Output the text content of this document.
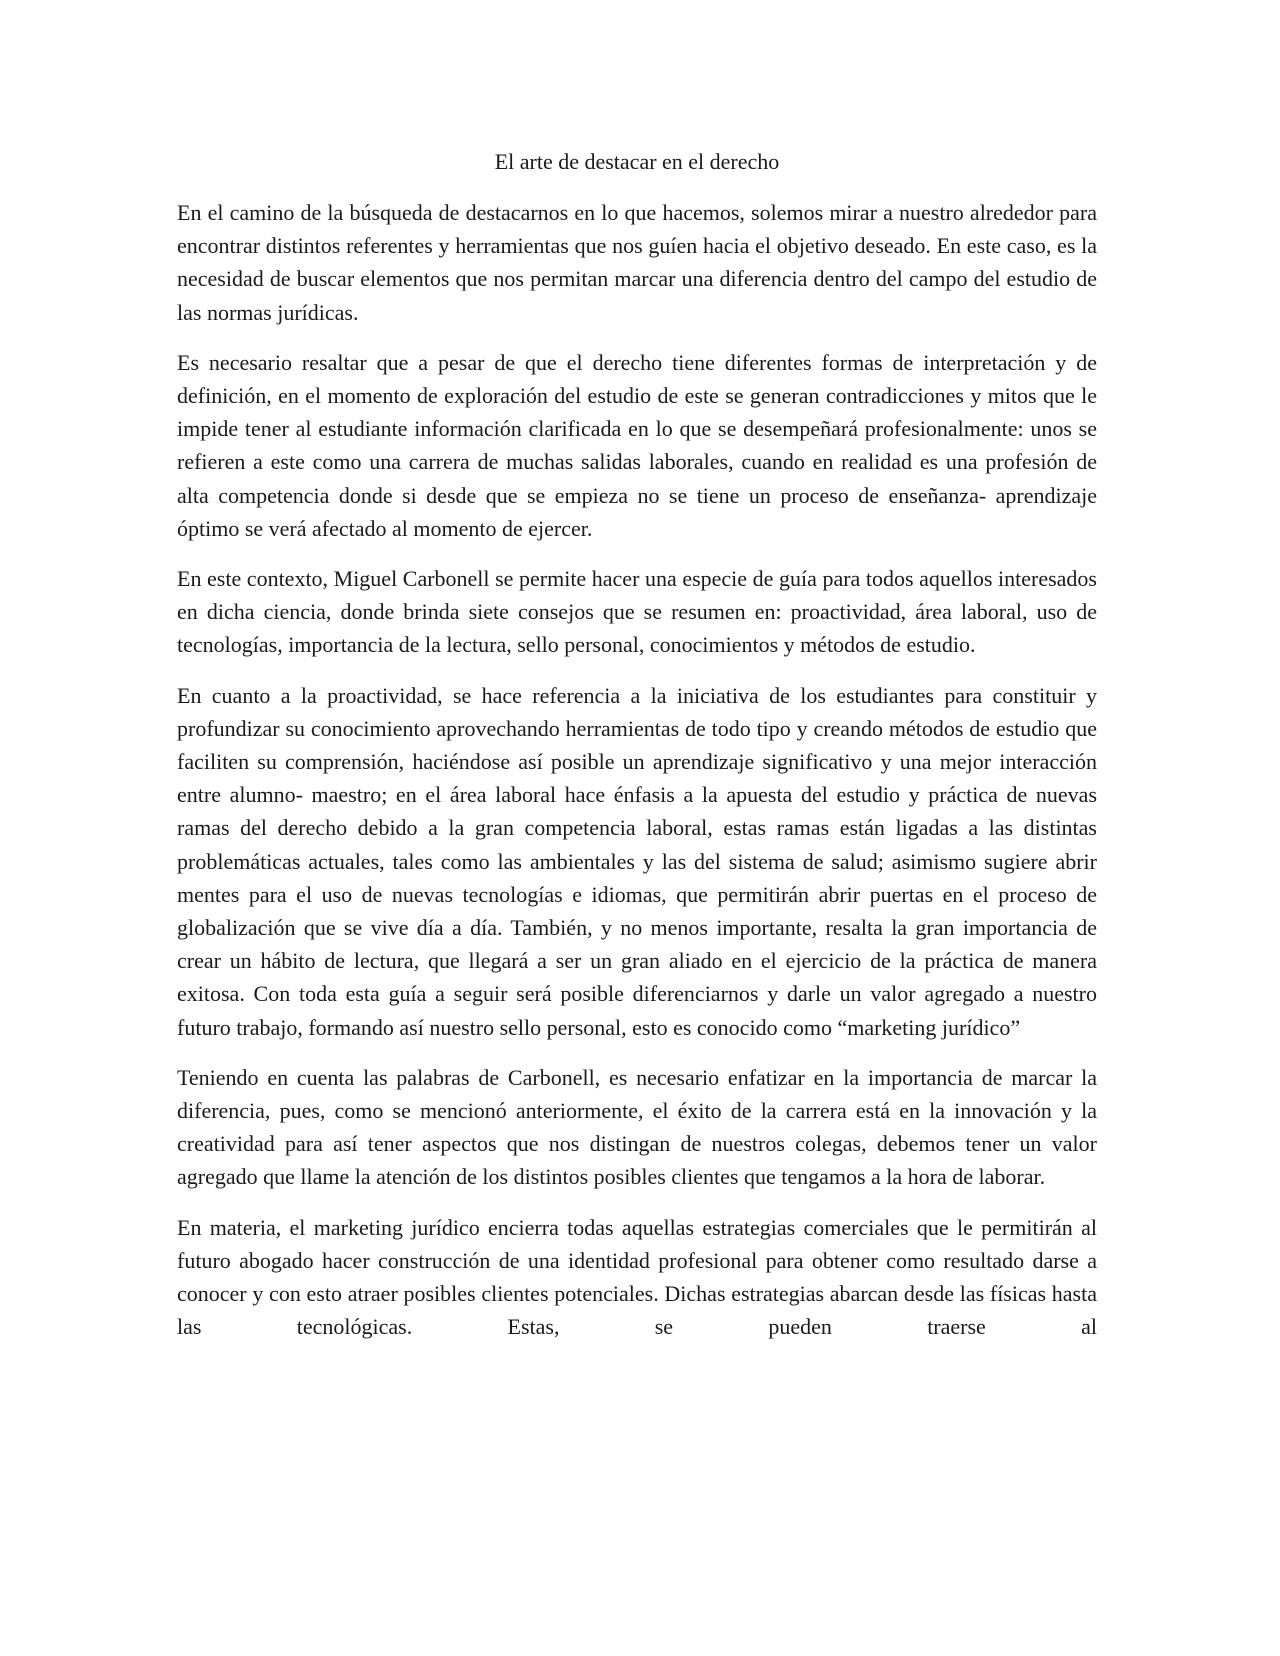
El arte de destacar en el derecho

En el camino de la búsqueda de destacarnos en lo que hacemos, solemos mirar a nuestro alrededor para encontrar distintos referentes y herramientas que nos guíen hacia el objetivo deseado. En este caso, es la necesidad de buscar elementos que nos permitan marcar una diferencia dentro del campo del estudio de las normas jurídicas.

Es necesario resaltar que a pesar de que el derecho tiene diferentes formas de interpretación y de definición, en el momento de exploración del estudio de este se generan contradicciones y mitos que le impide tener al estudiante información clarificada en lo que se desempeñará profesionalmente: unos se refieren a este como una carrera de muchas salidas laborales, cuando en realidad es una profesión de alta competencia donde si desde que se empieza no se tiene un proceso de enseñanza- aprendizaje óptimo se verá afectado al momento de ejercer.

En este contexto, Miguel Carbonell se permite hacer una especie de guía para todos aquellos interesados en dicha ciencia, donde brinda siete consejos que se resumen en: proactividad, área laboral, uso de tecnologías, importancia de la lectura, sello personal, conocimientos y métodos de estudio.

En cuanto a la proactividad, se hace referencia a la iniciativa de los estudiantes para constituir y profundizar su conocimiento aprovechando herramientas de todo tipo y creando métodos de estudio que faciliten su comprensión, haciéndose así posible un aprendizaje significativo y una mejor interacción entre alumno- maestro; en el área laboral hace énfasis a la apuesta del estudio y práctica de nuevas ramas del derecho debido a la gran competencia laboral, estas ramas están ligadas a las distintas problemáticas actuales, tales como las ambientales y las del sistema de salud; asimismo sugiere abrir mentes para el uso de nuevas tecnologías e idiomas, que permitirán abrir puertas en el proceso de globalización que se vive día a día. También, y no menos importante, resalta la gran importancia de crear un hábito de lectura, que llegará a ser un gran aliado en el ejercicio de la práctica de manera exitosa. Con toda esta guía a seguir será posible diferenciarnos y darle un valor agregado a nuestro futuro trabajo, formando así nuestro sello personal, esto es conocido como “marketing jurídico”

Teniendo en cuenta las palabras de Carbonell, es necesario enfatizar en la importancia de marcar la diferencia, pues, como se mencionó anteriormente, el éxito de la carrera está en la innovación y la creatividad para así tener aspectos que nos distingan de nuestros colegas, debemos tener un valor agregado que llame la atención de los distintos posibles clientes que tengamos a la hora de laborar.

En materia, el marketing jurídico encierra todas aquellas estrategias comerciales que le permitirán al futuro abogado hacer construcción de una identidad profesional para obtener como resultado darse a conocer y con esto atraer posibles clientes potenciales. Dichas estrategias abarcan desde las físicas hasta las tecnológicas. Estas, se pueden traerse al
